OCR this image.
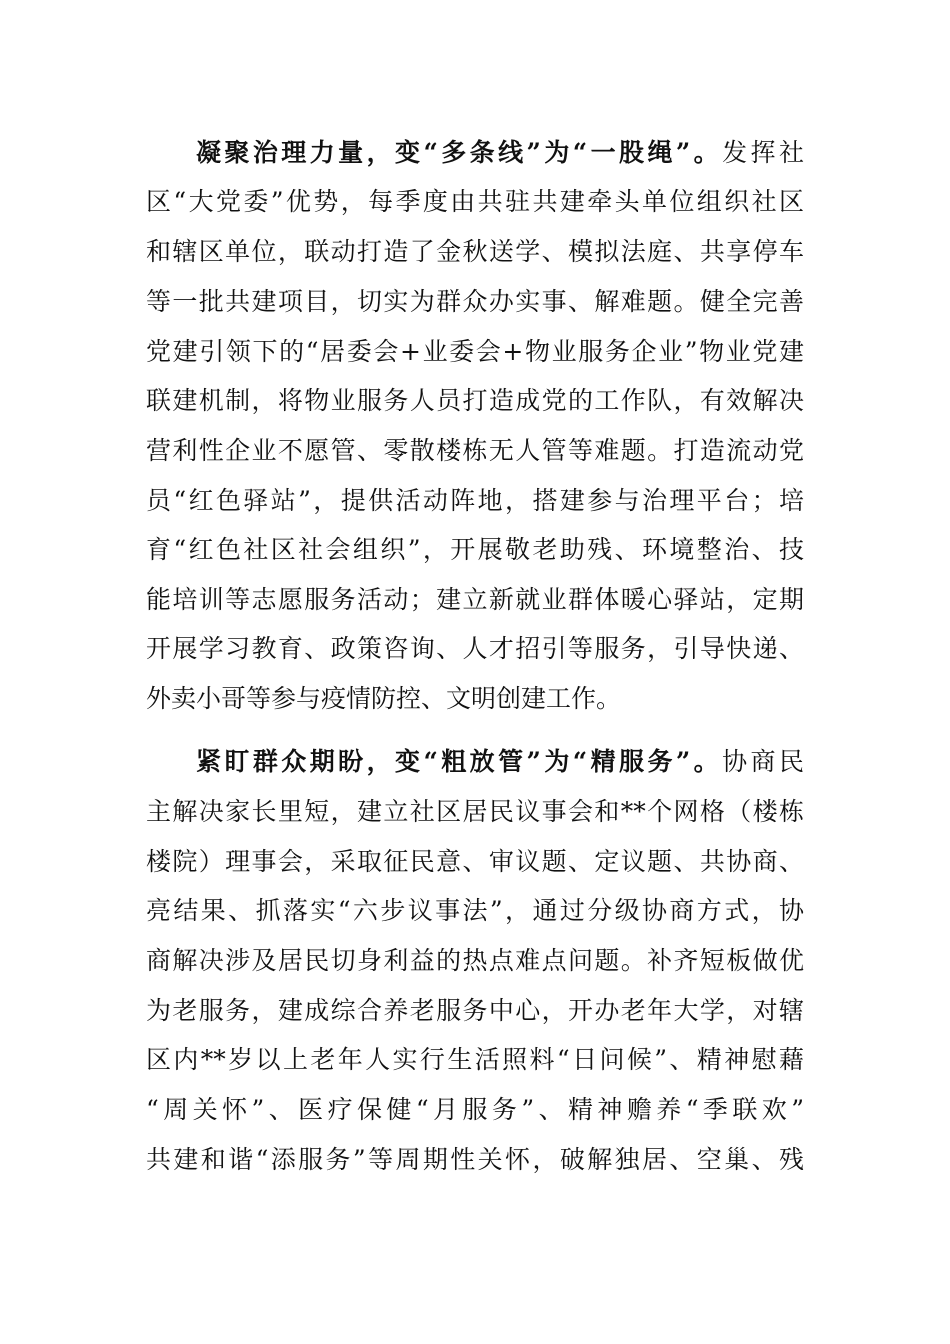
凝聚治理力量，变“多条线”为“一股绳”。发挥社
区“大党委”优势，每季度由共驻共建牵头单位组织社区
和辖区单位，联动打造了金秋送学、模拟法庭、共享停车
等一批共建项目，切实为群众办实事、解难题。健全完善
党建引领下的“居委会+业委会+物业服务企业”物业党建
联建机制，将物业服务人员打造成党的工作队，有效解决
营利性企业不愿管、零散楼栋无人管等难题。打造流动党
员“红色驿站”，提供活动阵地，搭建参与治理平台；培
育“红色社区社会组织”，开展敬老助残、环境整治、技
能培训等志愿服务活动；建立新就业群体暖心驿站，定期
开展学习教育、政策咨询、人才招引等服务，引导快递、
外卖小哥等参与疫情防控、文明创建工作。
紧盯群众期盼，变“粗放管”为“精服务”。协商民
主解决家长里短，建立社区居民议事会和**个网格（楼栋
楼院）理事会，采取征民意、审议题、定议题、共协商、
亮结果、抓落实“六步议事法”，通过分级协商方式，协
商解决涉及居民切身利益的热点难点问题。补齐短板做优
为老服务，建成综合养老服务中心，开办老年大学，对辖
区内**岁以上老年人实行生活照料“日问候”、精神慰藉
“周关怀”、医疗保健“月服务”、精神赡养“季联欢”
共建和谐“添服务”等周期性关怀，破解独居、空巢、残
